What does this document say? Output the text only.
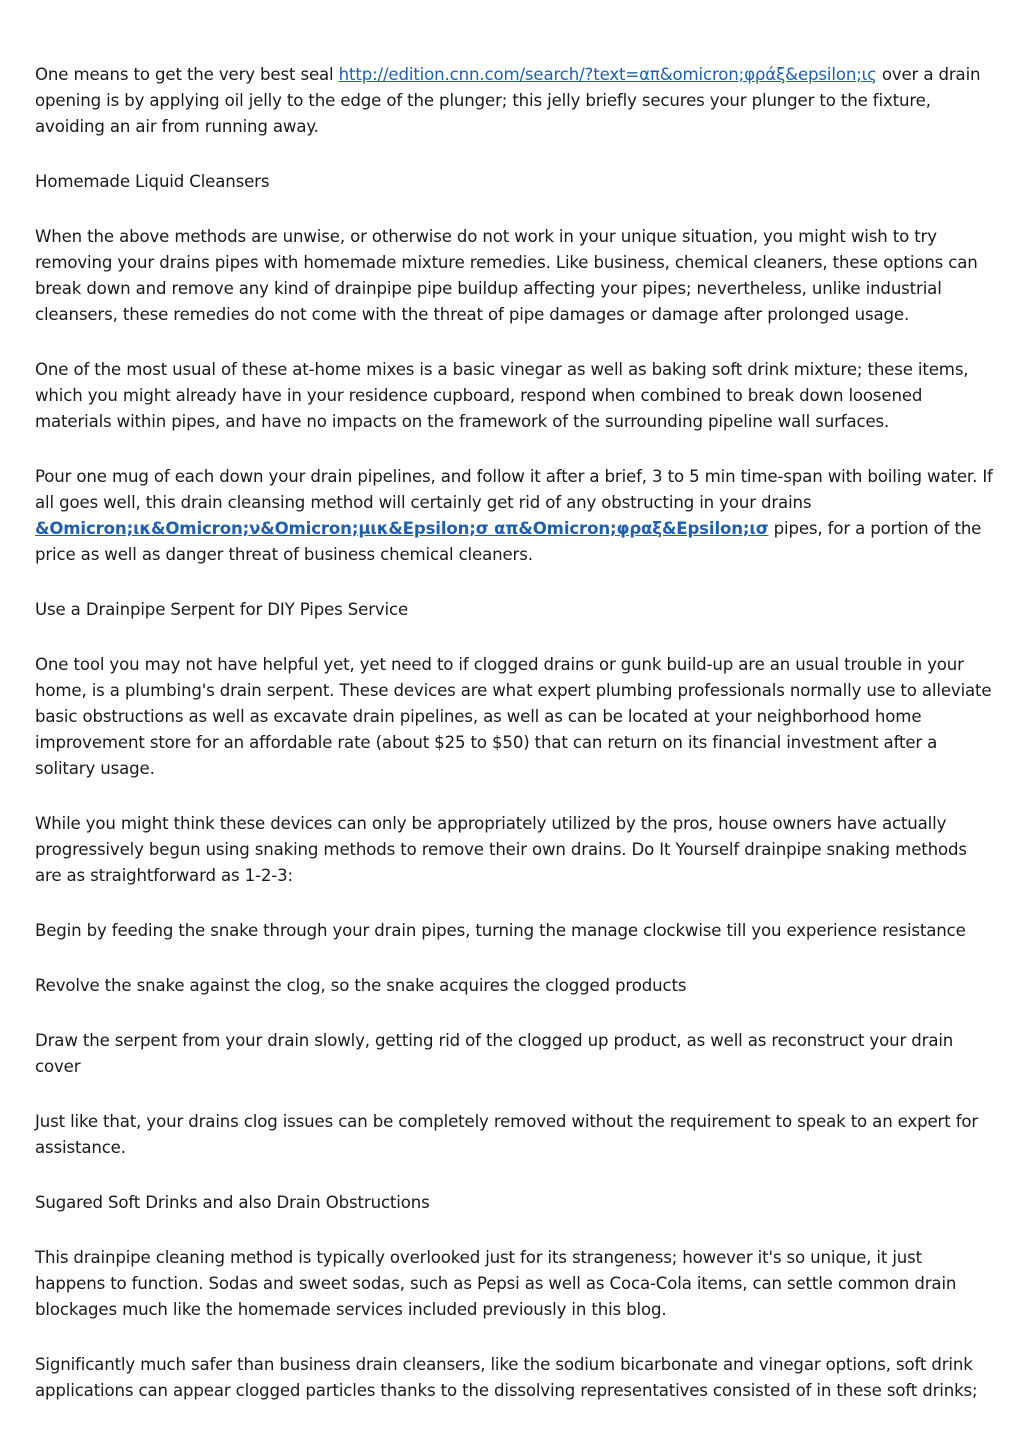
One means to get the very best seal http://edition.cnn.com/search/?text=απ&omicron;φράξ&epsilon;ις over a drain opening is by applying oil jelly to the edge of the plunger; this jelly briefly secures your plunger to the fixture, avoiding an air from running away.

Homemade Liquid Cleansers

When the above methods are unwise, or otherwise do not work in your unique situation, you might wish to try removing your drains pipes with homemade mixture remedies. Like business, chemical cleaners, these options can break down and remove any kind of drainpipe pipe buildup affecting your pipes; nevertheless, unlike industrial cleansers, these remedies do not come with the threat of pipe damages or damage after prolonged usage.

One of the most usual of these at-home mixes is a basic vinegar as well as baking soft drink mixture; these items, which you might already have in your residence cupboard, respond when combined to break down loosened materials within pipes, and have no impacts on the framework of the surrounding pipeline wall surfaces.

Pour one mug of each down your drain pipelines, and follow it after a brief, 3 to 5 min time-span with boiling water. If all goes well, this drain cleansing method will certainly get rid of any obstructing in your drains &Omicron;ικ&Omicron;ν&Omicron;μικ&Epsilon;σ απ&Omicron;φραξ&Epsilon;ισ pipes, for a portion of the price as well as danger threat of business chemical cleaners.

Use a Drainpipe Serpent for DIY Pipes Service

One tool you may not have helpful yet, yet need to if clogged drains or gunk build-up are an usual trouble in your home, is a plumbing's drain serpent. These devices are what expert plumbing professionals normally use to alleviate basic obstructions as well as excavate drain pipelines, as well as can be located at your neighborhood home improvement store for an affordable rate (about $25 to $50) that can return on its financial investment after a solitary usage.

While you might think these devices can only be appropriately utilized by the pros, house owners have actually progressively begun using snaking methods to remove their own drains. Do It Yourself drainpipe snaking methods are as straightforward as 1-2-3:

Begin by feeding the snake through your drain pipes, turning the manage clockwise till you experience resistance

Revolve the snake against the clog, so the snake acquires the clogged products

Draw the serpent from your drain slowly, getting rid of the clogged up product, as well as reconstruct your drain cover

Just like that, your drains clog issues can be completely removed without the requirement to speak to an expert for assistance.

Sugared Soft Drinks and also Drain Obstructions

This drainpipe cleaning method is typically overlooked just for its strangeness; however it's so unique, it just happens to function. Sodas and sweet sodas, such as Pepsi as well as Coca-Cola items, can settle common drain blockages much like the homemade services included previously in this blog.

Significantly much safer than business drain cleansers, like the sodium bicarbonate and vinegar options, soft drink applications can appear clogged particles thanks to the dissolving representatives consisted of in these soft drinks;
